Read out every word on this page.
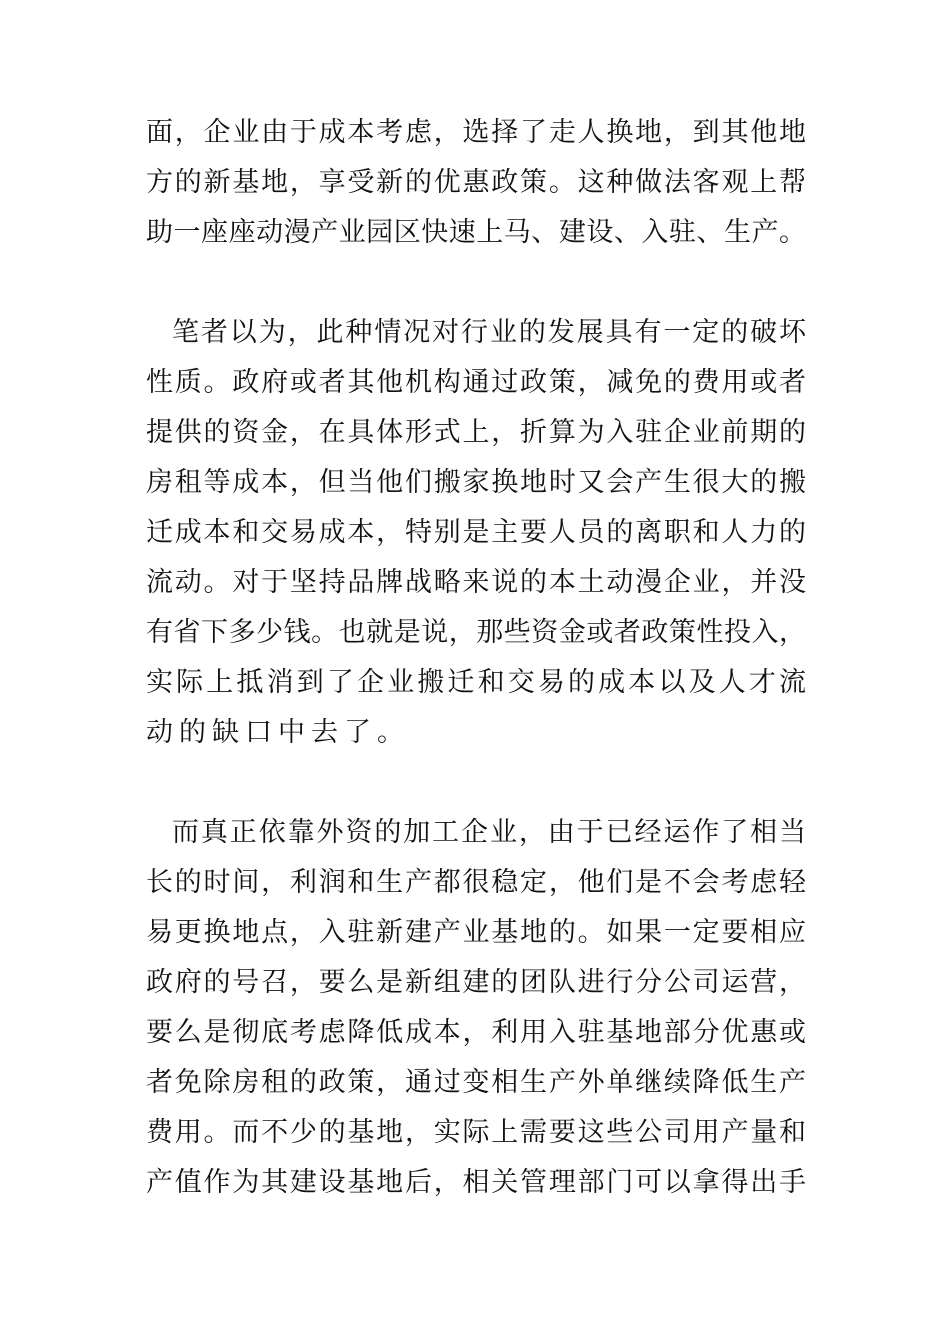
面，企业由于成本考虑，选择了走人换地，到其他地
方的新基地，享受新的优惠政策。这种做法客观上帮
助一座座动漫产业园区快速上马、建设、入驻、生产。
笔者以为，此种情况对行业的发展具有一定的破坏
性质。政府或者其他机构通过政策，减免的费用或者
提供的资金，在具体形式上，折算为入驻企业前期的
房租等成本，但当他们搬家换地时又会产生很大的搬
迁成本和交易成本，特别是主要人员的离职和人力的
流动。对于坚持品牌战略来说的本土动漫企业，并没
有省下多少钱。也就是说，那些资金或者政策性投入，
实际上抵消到了企业搬迁和交易的成本以及人才流
动的缺口中去了。
而真正依靠外资的加工企业，由于已经运作了相当
长的时间，利润和生产都很稳定，他们是不会考虑轻
易更换地点，入驻新建产业基地的。如果一定要相应
政府的号召，要么是新组建的团队进行分公司运营，
要么是彻底考虑降低成本，利用入驻基地部分优惠或
者免除房租的政策，通过变相生产外单继续降低生产
费用。而不少的基地，实际上需要这些公司用产量和
产值作为其建设基地后，相关管理部门可以拿得出手
